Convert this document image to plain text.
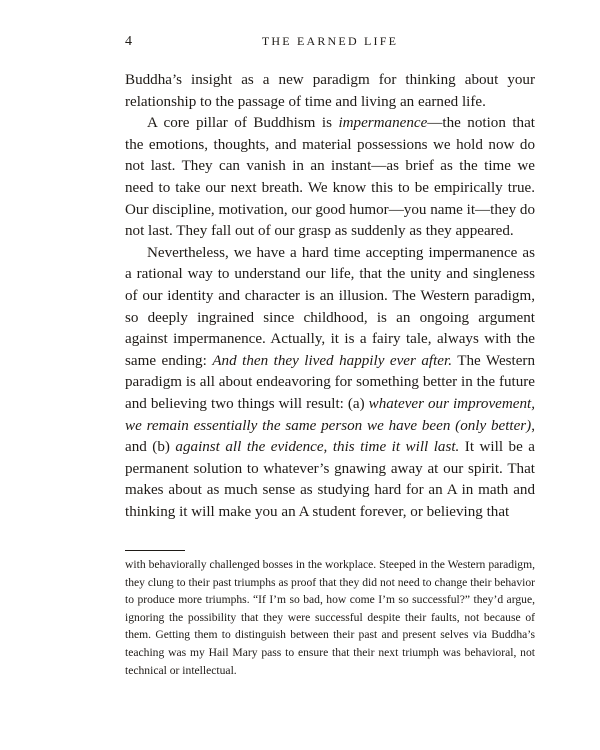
4	THE EARNED LIFE

Buddha’s insight as a new paradigm for thinking about your relationship to the passage of time and living an earned life.

A core pillar of Buddhism is impermanence—the notion that the emotions, thoughts, and material possessions we hold now do not last. They can vanish in an instant—as brief as the time we need to take our next breath. We know this to be empirically true. Our discipline, motivation, our good humor—you name it—they do not last. They fall out of our grasp as suddenly as they appeared.

Nevertheless, we have a hard time accepting impermanence as a rational way to understand our life, that the unity and singleness of our identity and character is an illusion. The Western paradigm, so deeply ingrained since childhood, is an ongoing argument against impermanence. Actually, it is a fairy tale, always with the same ending: And then they lived happily ever after. The Western paradigm is all about endeavoring for something better in the future and believing two things will result: (a) whatever our improvement, we remain essentially the same person we have been (only better), and (b) against all the evidence, this time it will last. It will be a permanent solution to whatever’s gnawing away at our spirit. That makes about as much sense as studying hard for an A in math and thinking it will make you an A student forever, or believing that

with behaviorally challenged bosses in the workplace. Steeped in the Western paradigm, they clung to their past triumphs as proof that they did not need to change their behavior to produce more triumphs. “If I’m so bad, how come I’m so successful?” they’d argue, ignoring the possibility that they were successful despite their faults, not because of them. Getting them to distinguish between their past and present selves via Buddha’s teaching was my Hail Mary pass to ensure that their next triumph was behavioral, not technical or intellectual.
